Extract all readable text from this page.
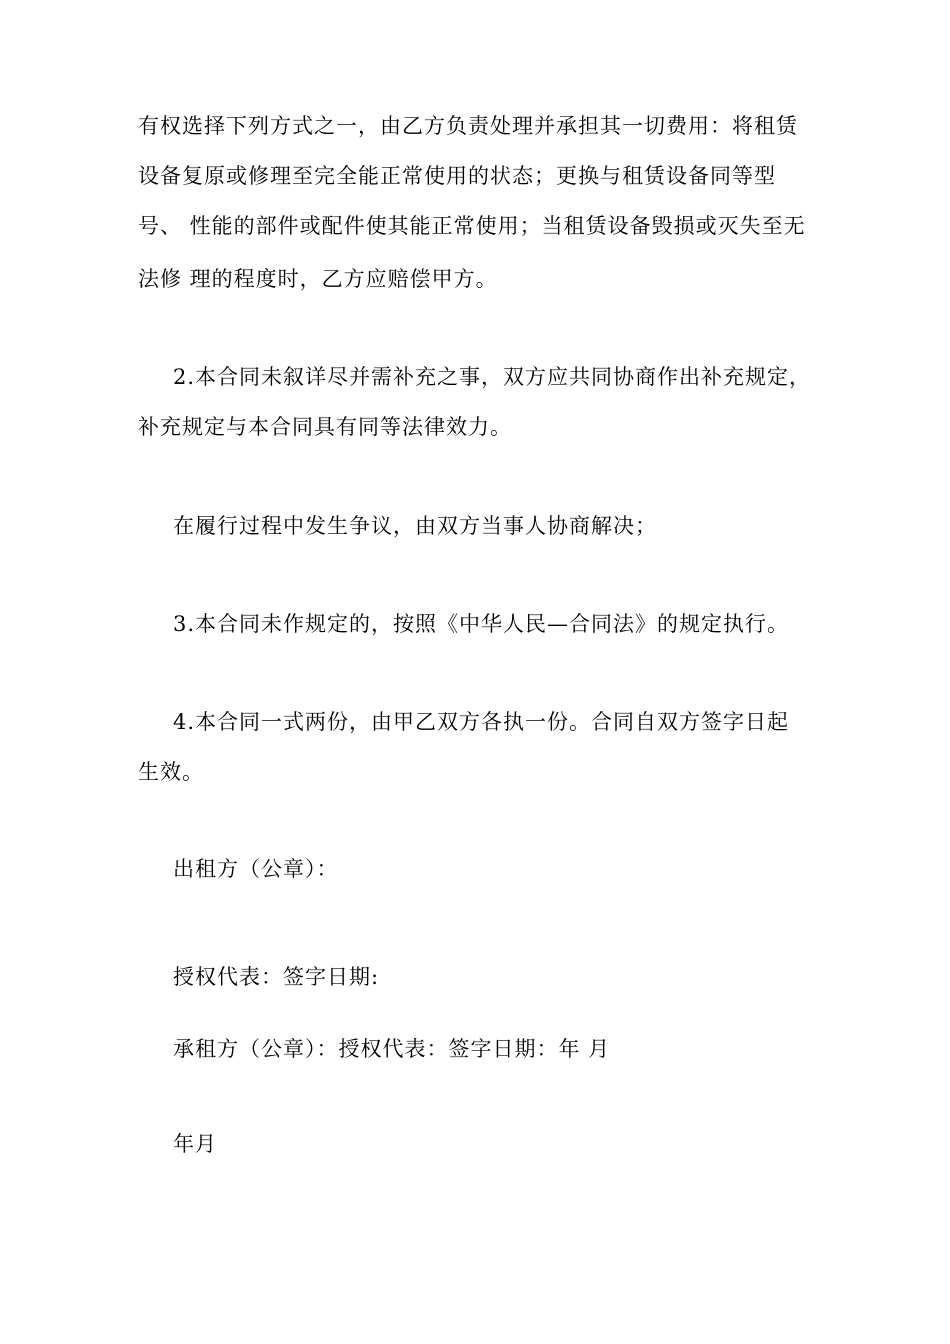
有权选择下列方式之一，由乙方负责处理并承担其一切费用：将租赁
设备复原或修理至完全能正常使用的状态；更换与租赁设备同等型
号、 性能的部件或配件使其能正常使用；当租赁设备毁损或灭失至无
法修 理的程度时，乙方应赔偿甲方。
2.本合同未叙详尽并需补充之事，双方应共同协商作出补充规定，
补充规定与本合同具有同等法律效力。
在履行过程中发生争议，由双方当事人协商解决；
3.本合同未作规定的，按照《中华人民—合同法》的规定执行。
4.本合同一式两份，由甲乙双方各执一份。合同自双方签字日起
生效。
出租方（公章）：
授权代表：签字日期:
承租方（公章）：授权代表：签字日期：年 月
年月
